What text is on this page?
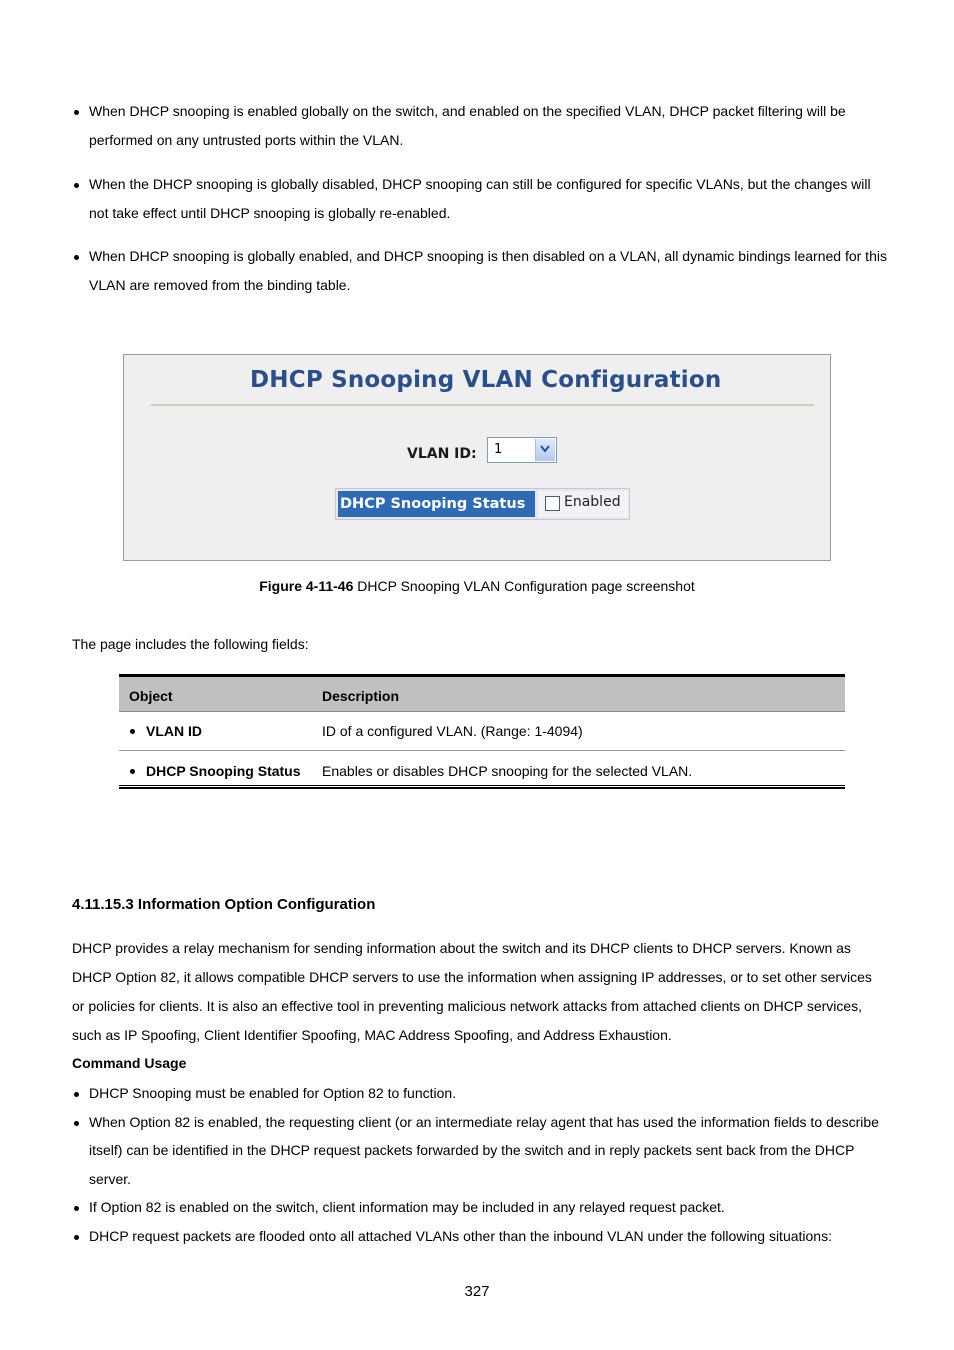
When DHCP snooping is enabled globally on the switch, and enabled on the specified VLAN, DHCP packet filtering will be performed on any untrusted ports within the VLAN.
When the DHCP snooping is globally disabled, DHCP snooping can still be configured for specific VLANs, but the changes will not take effect until DHCP snooping is globally re-enabled.
When DHCP snooping is globally enabled, and DHCP snooping is then disabled on a VLAN, all dynamic bindings learned for this VLAN are removed from the binding table.
DHCP Snooping VLAN Configuration
VLAN ID: 1
DHCP Snooping Status	Enabled
Figure 4-11-46 DHCP Snooping VLAN Configuration page screenshot
The page includes the following fields:
Object	Description
VLAN ID	ID of a configured VLAN. (Range: 1-4094)
DHCP Snooping Status	Enables or disables DHCP snooping for the selected VLAN.
4.11.15.3 Information Option Configuration
DHCP provides a relay mechanism for sending information about the switch and its DHCP clients to DHCP servers. Known as DHCP Option 82, it allows compatible DHCP servers to use the information when assigning IP addresses, or to set other services or policies for clients. It is also an effective tool in preventing malicious network attacks from attached clients on DHCP services, such as IP Spoofing, Client Identifier Spoofing, MAC Address Spoofing, and Address Exhaustion.
Command Usage
DHCP Snooping must be enabled for Option 82 to function.
When Option 82 is enabled, the requesting client (or an intermediate relay agent that has used the information fields to describe itself) can be identified in the DHCP request packets forwarded by the switch and in reply packets sent back from the DHCP server.
If Option 82 is enabled on the switch, client information may be included in any relayed request packet.
DHCP request packets are flooded onto all attached VLANs other than the inbound VLAN under the following situations:
327
